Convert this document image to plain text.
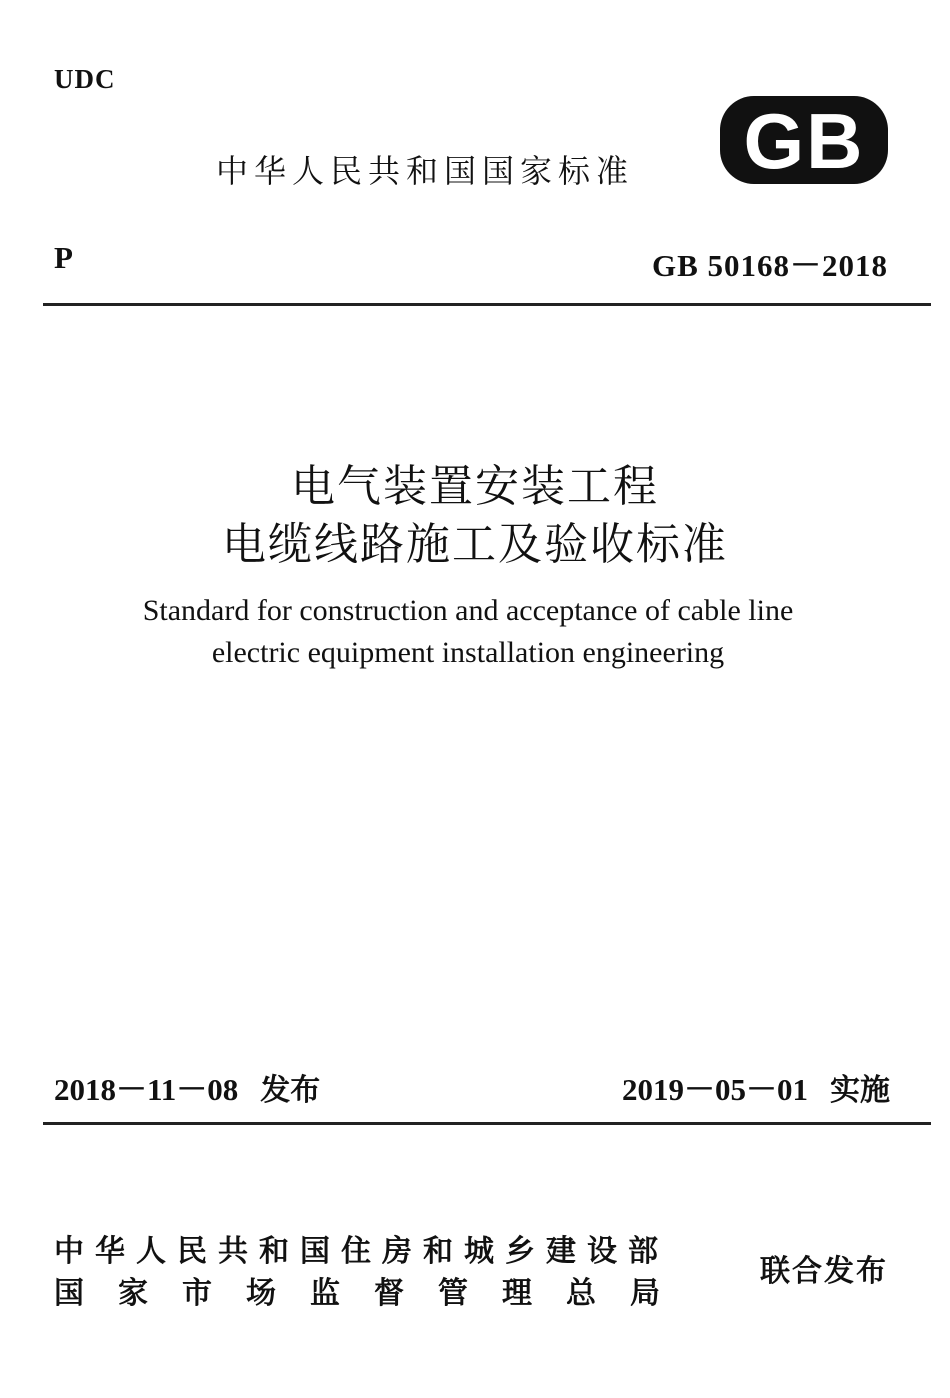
UDC
中华人民共和国国家标准 GB
P	GB 50168－2018
电气装置安装工程
电缆线路施工及验收标准
Standard for construction and acceptance of cable line
electric equipment installation engineering
2018－11－08 发布	2019－05－01 实施
中华人民共和国住房和城乡建设部
国家市场监督管理总局
联合发布
